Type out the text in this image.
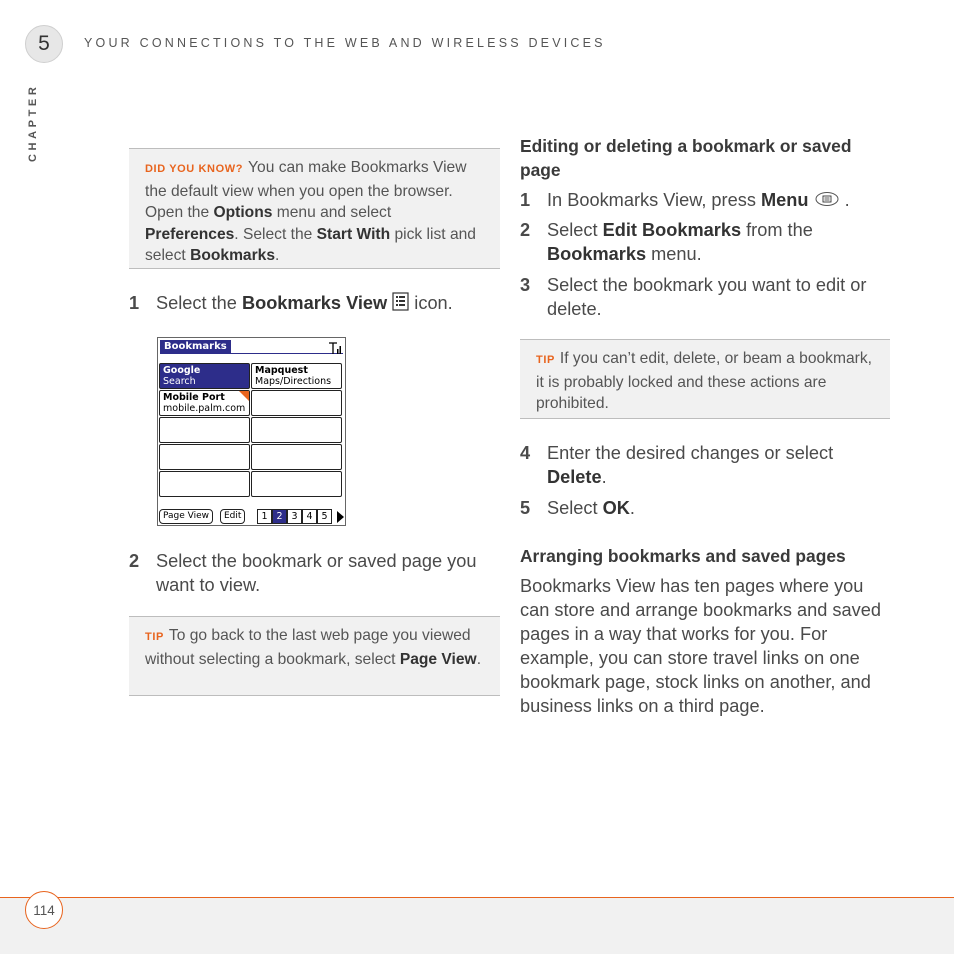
5	YOUR CONNECTIONS TO THE WEB AND WIRELESS DEVICES
CHAPTER
DID YOU KNOW? You can make Bookmarks View the default view when you open the browser. Open the Options menu and select Preferences. Select the Start With pick list and select Bookmarks.
1 Select the Bookmarks View  icon.
Bookmarks
Google
Search
Mapquest
Maps/Directions
Mobile Port
mobile.palm.com
Page View	Edit	1 2 3 4 5
2 Select the bookmark or saved page you want to view.
TIP To go back to the last web page you viewed without selecting a bookmark, select Page View.
Editing or deleting a bookmark or saved page
1 In Bookmarks View, press Menu  .
2 Select Edit Bookmarks from the Bookmarks menu.
3 Select the bookmark you want to edit or delete.
TIP If you can’t edit, delete, or beam a bookmark, it is probably locked and these actions are prohibited.
4 Enter the desired changes or select Delete.
5 Select OK.
Arranging bookmarks and saved pages
Bookmarks View has ten pages where you can store and arrange bookmarks and saved pages in a way that works for you. For example, you can store travel links on one bookmark page, stock links on another, and business links on a third page.
114
